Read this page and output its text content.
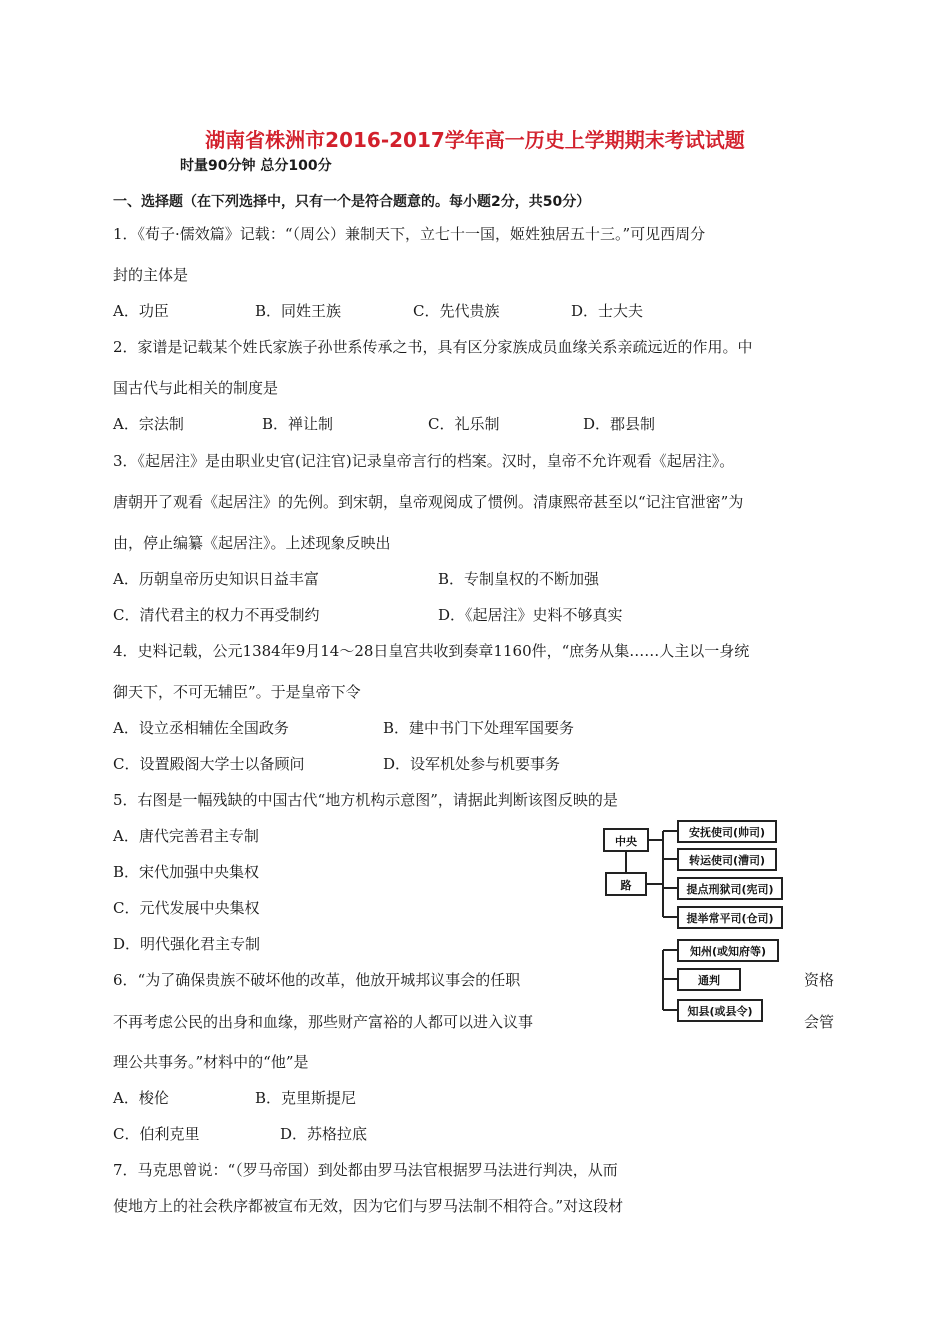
湖南省株洲市2016-2017学年高一历史上学期期末考试试题
时量90分钟 总分100分
一、选择题（在下列选择中，只有一个是符合题意的。每小题2分，共50分）
1．《荀子·儒效篇》记载：“（周公）兼制天下，立七十一国，姬姓独居五十三。”可见西周分
封的主体是
A．功臣	B．同姓王族	C．先代贵族	D．士大夫
2．家谱是记载某个姓氏家族子孙世系传承之书，具有区分家族成员血缘关系亲疏远近的作用。中
国古代与此相关的制度是
A．宗法制	B．禅让制	C．礼乐制	D．郡县制
3．《起居注》是由职业史官(记注官)记录皇帝言行的档案。汉时，皇帝不允许观看《起居注》。
唐朝开了观看《起居注》的先例。到宋朝，皇帝观阅成了惯例。清康熙帝甚至以“记注官泄密”为
由，停止编纂《起居注》。上述现象反映出
A．历朝皇帝历史知识日益丰富	B．专制皇权的不断加强
C．清代君主的权力不再受制约	D．《起居注》史料不够真实
4．史料记载，公元1384年9月14～28日皇宫共收到奏章1160件，“庶务从集……人主以一身统
御天下，不可无辅臣”。于是皇帝下令
A．设立丞相辅佐全国政务	B．建中书门下处理军国要务
C．设置殿阁大学士以备顾问	D．设军机处参与机要事务
5．右图是一幅残缺的中国古代“地方机构示意图”，请据此判断该图反映的是
A．唐代完善君主专制
B．宋代加强中央集权
C．元代发展中央集权
D．明代强化君主专制
中央
路
安抚使司(帅司)
转运使司(漕司)
提点刑狱司(宪司)
提举常平司(仓司)
知州(或知府等)
通判
知县(或县令)
6．“为了确保贵族不破坏他的改革，他放开城邦议事会的任职	资格
不再考虑公民的出身和血缘，那些财产富裕的人都可以进入议事	会管
理公共事务。”材料中的“他”是
A．梭伦	B．克里斯提尼
C．伯利克里	D．苏格拉底
7．马克思曾说：“（罗马帝国）到处都由罗马法官根据罗马法进行判决，从而
使地方上的社会秩序都被宣布无效，因为它们与罗马法制不相符合。”对这段材
